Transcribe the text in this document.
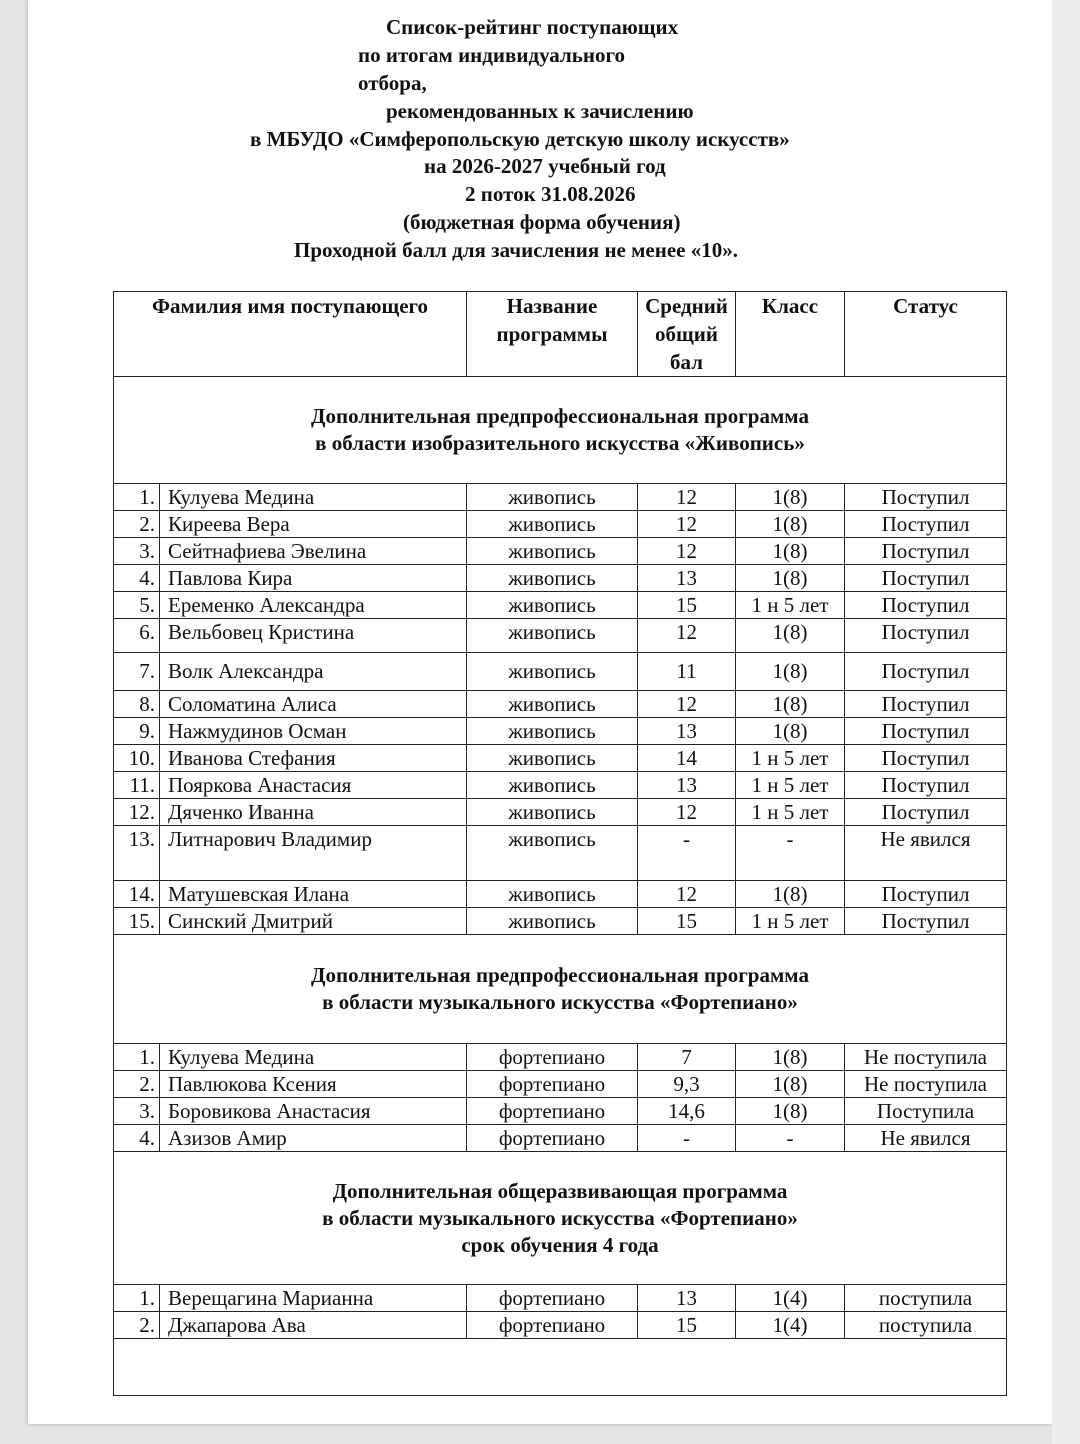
Список-рейтинг поступающих
по итогам индивидуального
отбора,
рекомендованных к зачислению
в МБУДО «Симферопольскую детскую школу искусств»
на 2026-2027 учебный год
2 поток 31.08.2026
(бюджетная форма обучения)
Проходной балл для зачисления не менее «10».
Фамилия имя поступающего		Название программы	Средний общий бал	Класс	Статус

Дополнительная предпрофессиональная программа
в области изобразительного искусства «Живопись»					

1.	Кулуева Медина	живопись	12	1(8)	Поступил
2.	Киреева Вера	живопись	12	1(8)	Поступил
3.	Сейтнафиева Эвелина	живопись	12	1(8)	Поступил
4.	Павлова Кира	живопись	13	1(8)	Поступил
5.	Еременко Александра	живопись	15	1 н 5 лет	Поступил
6.	Вельбовец Кристина	живопись	12	1(8)	Поступил
7.	Волк Александра	живопись	11	1(8)	Поступил
8.	Соломатина Алиса	живопись	12	1(8)	Поступил
9.	Нажмудинов Осман	живопись	13	1(8)	Поступил
10.	Иванова Стефания	живопись	14	1 н 5 лет	Поступил
11.	Пояркова Анастасия	живопись	13	1 н 5 лет	Поступил
12.	Дяченко Иванна	живопись	12	1 н 5 лет	Поступил
13.	Литнарович Владимир	живопись	-	-	Не явился
14.	Матушевская Илана	живопись	12	1(8)	Поступил
15.	Синский Дмитрий	живопись	15	1 н 5 лет	Поступил

Дополнительная предпрофессиональная программа
в области музыкального искусства «Фортепиано»					

1.	Кулуева Медина	фортепиано	7	1(8)	Не поступила
2.	Павлюкова Ксения	фортепиано	9,3	1(8)	Не поступила
3.	Боровикова Анастасия	фортепиано	14,6	1(8)	Поступила
4.	Азизов Амир	фортепиано	-	-	Не явился

Дополнительная общеразвивающая программа
в области музыкального искусства «Фортепиано»
срок обучения 4 года					

1.	Верещагина Марианна	фортепиано	13	1(4)	поступила
2.	Джапарова Ава	фортепиано	15	1(4)	поступила
